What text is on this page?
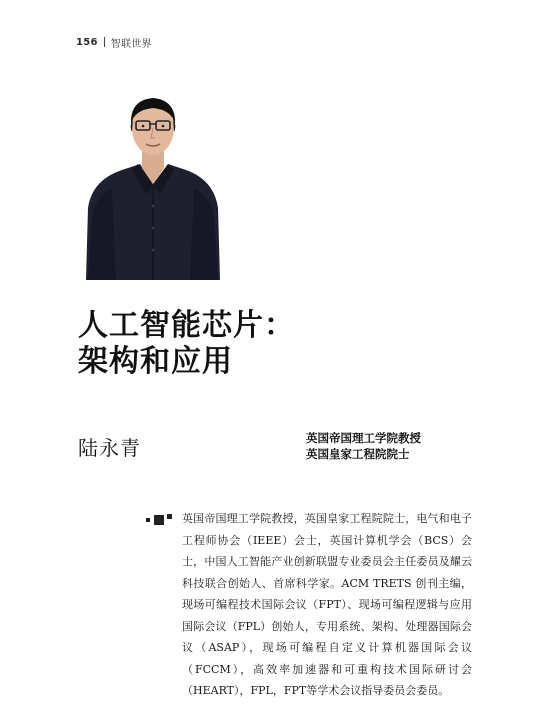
156 智联世界
人工智能芯片：
架构和应用
陆永青	英国帝国理工学院教授
英国皇家工程院院士

英国帝国理工学院教授，英国皇家工程院院士，电气和电子工程师协会（IEEE）会士，英国计算机学会（BCS）会士，中国人工智能产业创新联盟专业委员会主任委员及耀云科技联合创始人、首席科学家。ACM TRETS 创刊主编，现场可编程技术国际会议（FPT）、现场可编程逻辑与应用国际会议（FPL）创始人，专用系统、架构、处理器国际会议（ASAP），现场可编程自定义计算机器国际会议（FCCM），高效率加速器和可重构技术国际研讨会（HEART），FPL，FPT等学术会议指导委员会委员。
